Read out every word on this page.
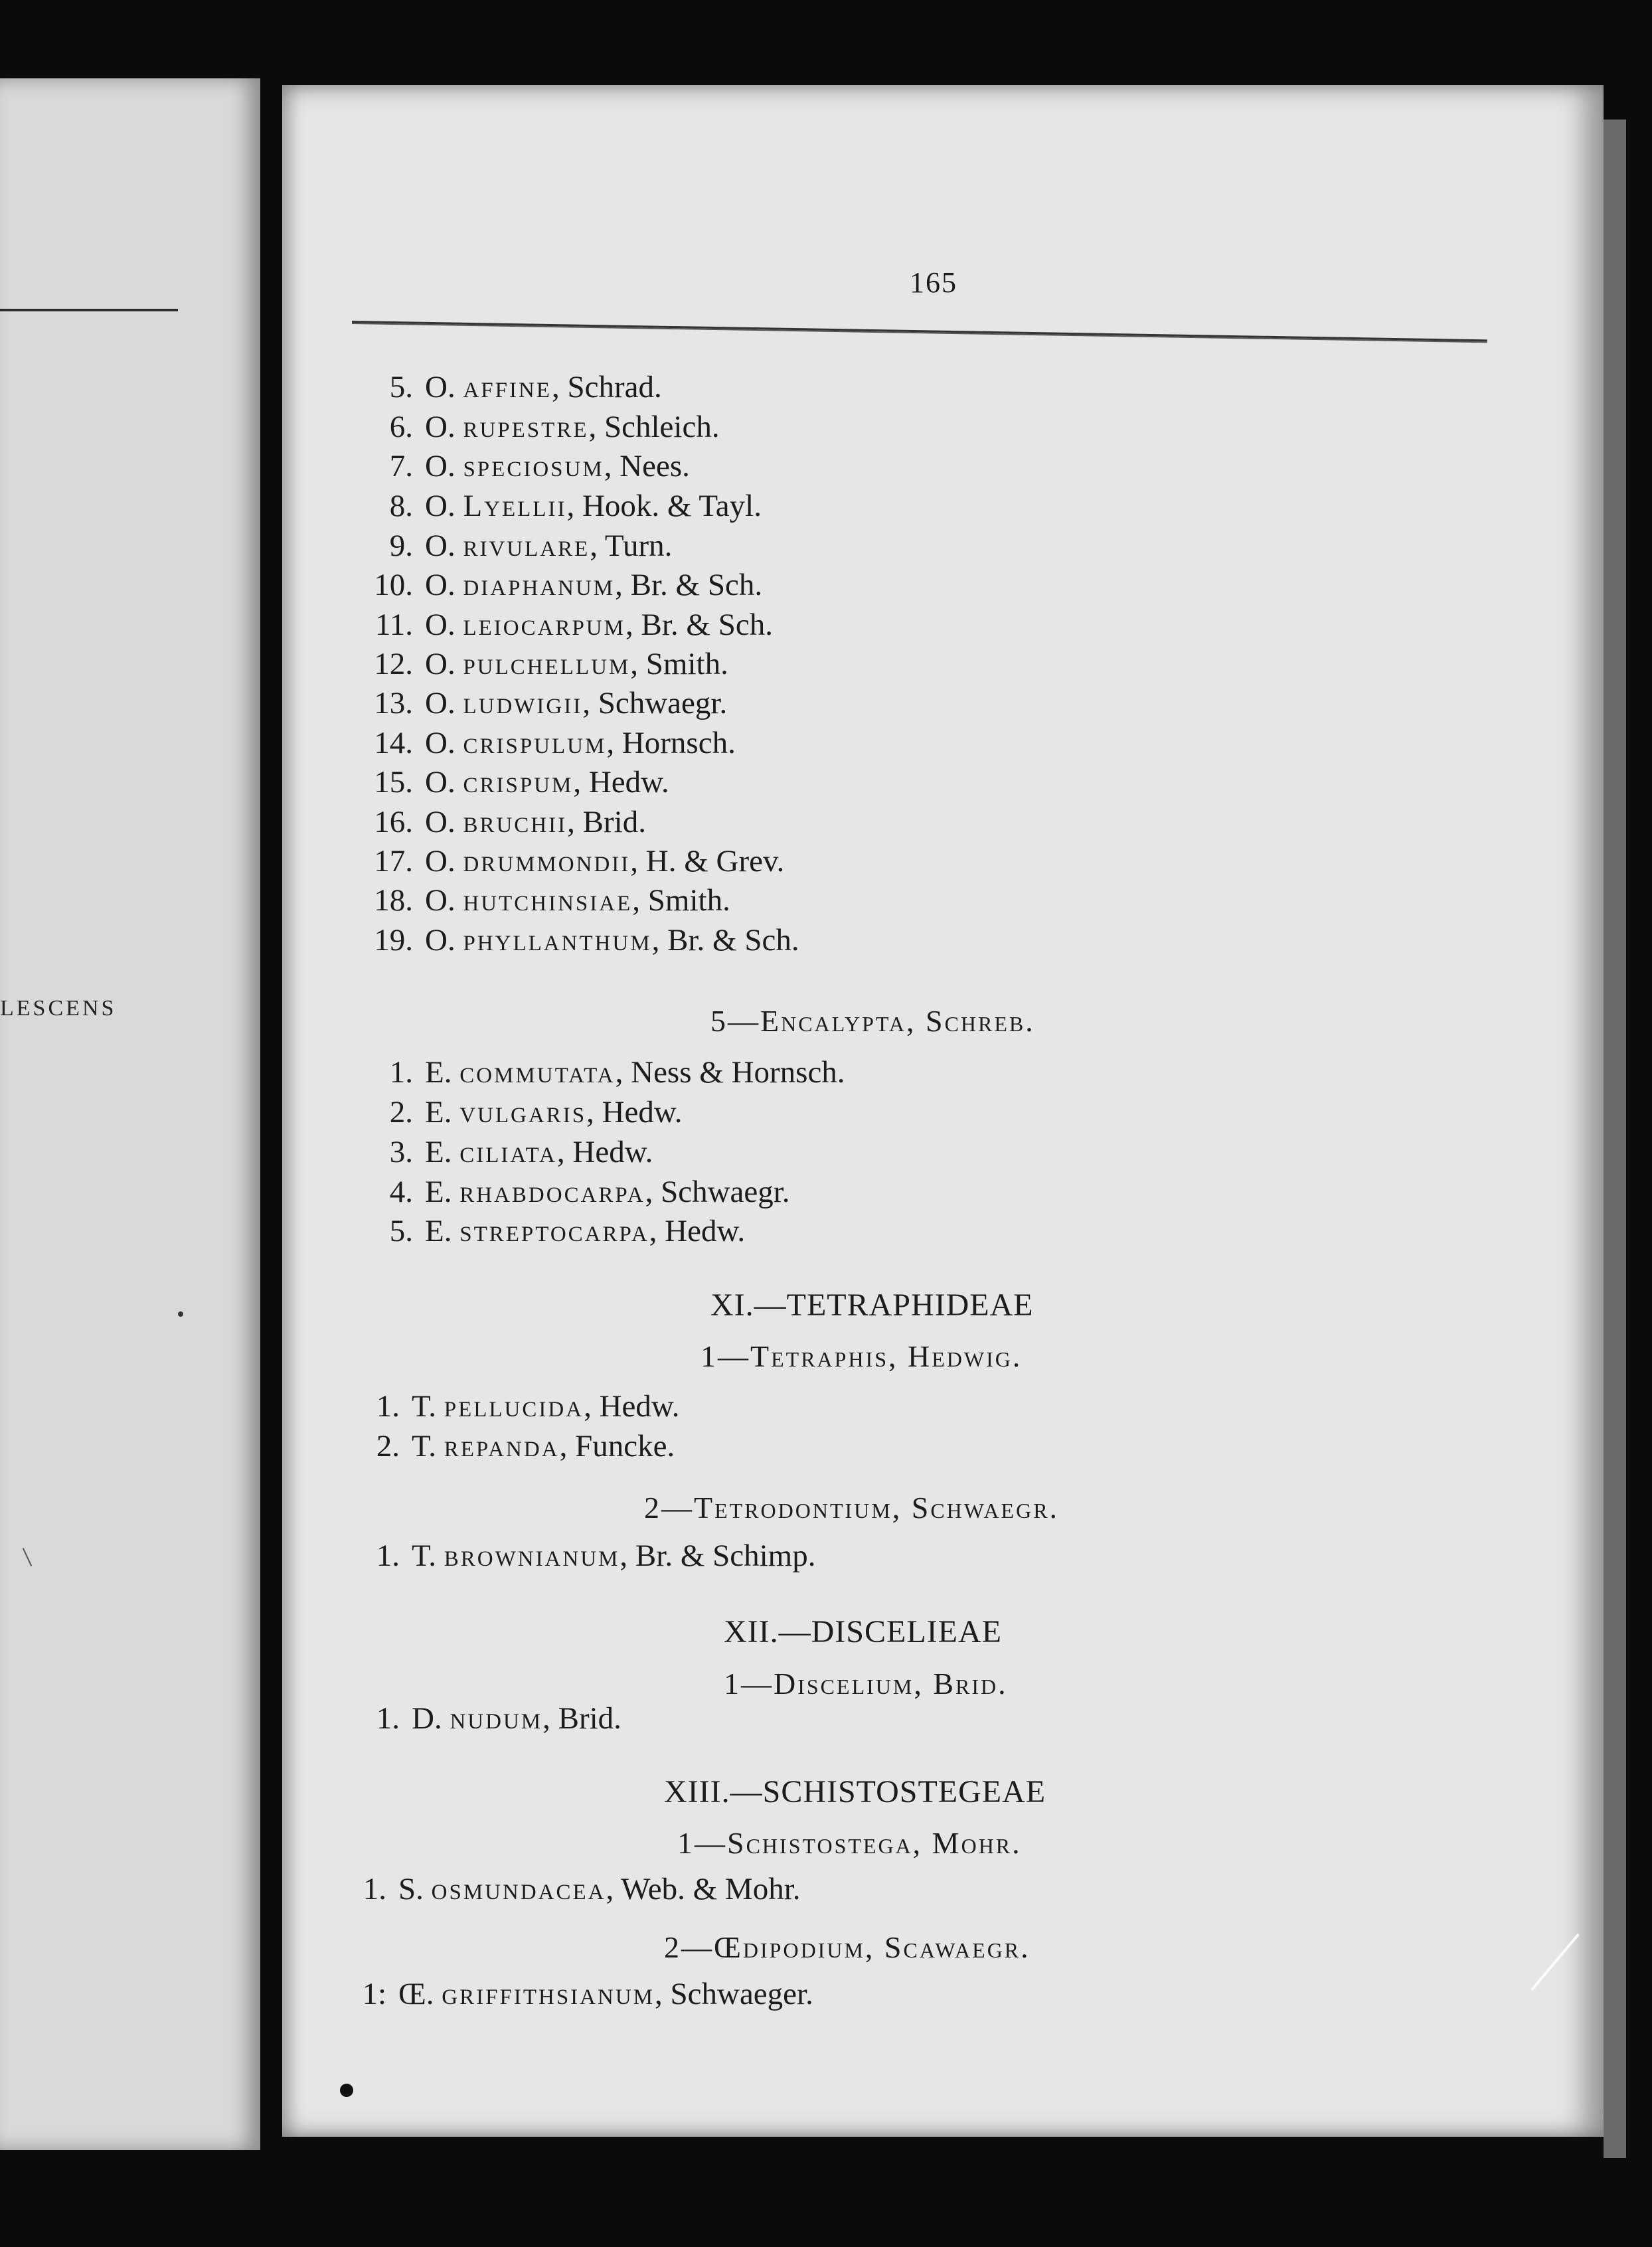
LESCENS
165
5. O. affine, Schrad.
6. O. rupestre, Schleich.
7. O. speciosum, Nees.
8. O. Lyellii, Hook. & Tayl.
9. O. rivulare, Turn.
10. O. diaphanum, Br. & Sch.
11. O. leiocarpum, Br. & Sch.
12. O. pulchellum, Smith.
13. O. ludwigii, Schwaegr.
14. O. crispulum, Hornsch.
15. O. crispum, Hedw.
16. O. bruchii, Brid.
17. O. drummondii, H. & Grev.
18. O. hutchinsiae, Smith.
19. O. phyllanthum, Br. & Sch.
5—Encalypta, Schreb.
1. E. commutata, Ness & Hornsch.
2. E. vulgaris, Hedw.
3. E. ciliata, Hedw.
4. E. rhabdocarpa, Schwaegr.
5. E. streptocarpa, Hedw.
XI.—TETRAPHIDEAE
1—Tetraphis, Hedwig.
1. T. pellucida, Hedw.
2. T. repanda, Funcke.
2—Tetrodontium, Schwaegr.
1. T. brownianum, Br. & Schimp.
XII.—DISCELIEAE
1—Discelium, Brid.
1. D. nudum, Brid.
XIII.—SCHISTOSTEGEAE
1—Schistostega, Mohr.
1. S. osmundacea, Web. & Mohr.
2—Œdipodium, Scawaegr.
1: Œ. griffithsianum, Schwaeger.
